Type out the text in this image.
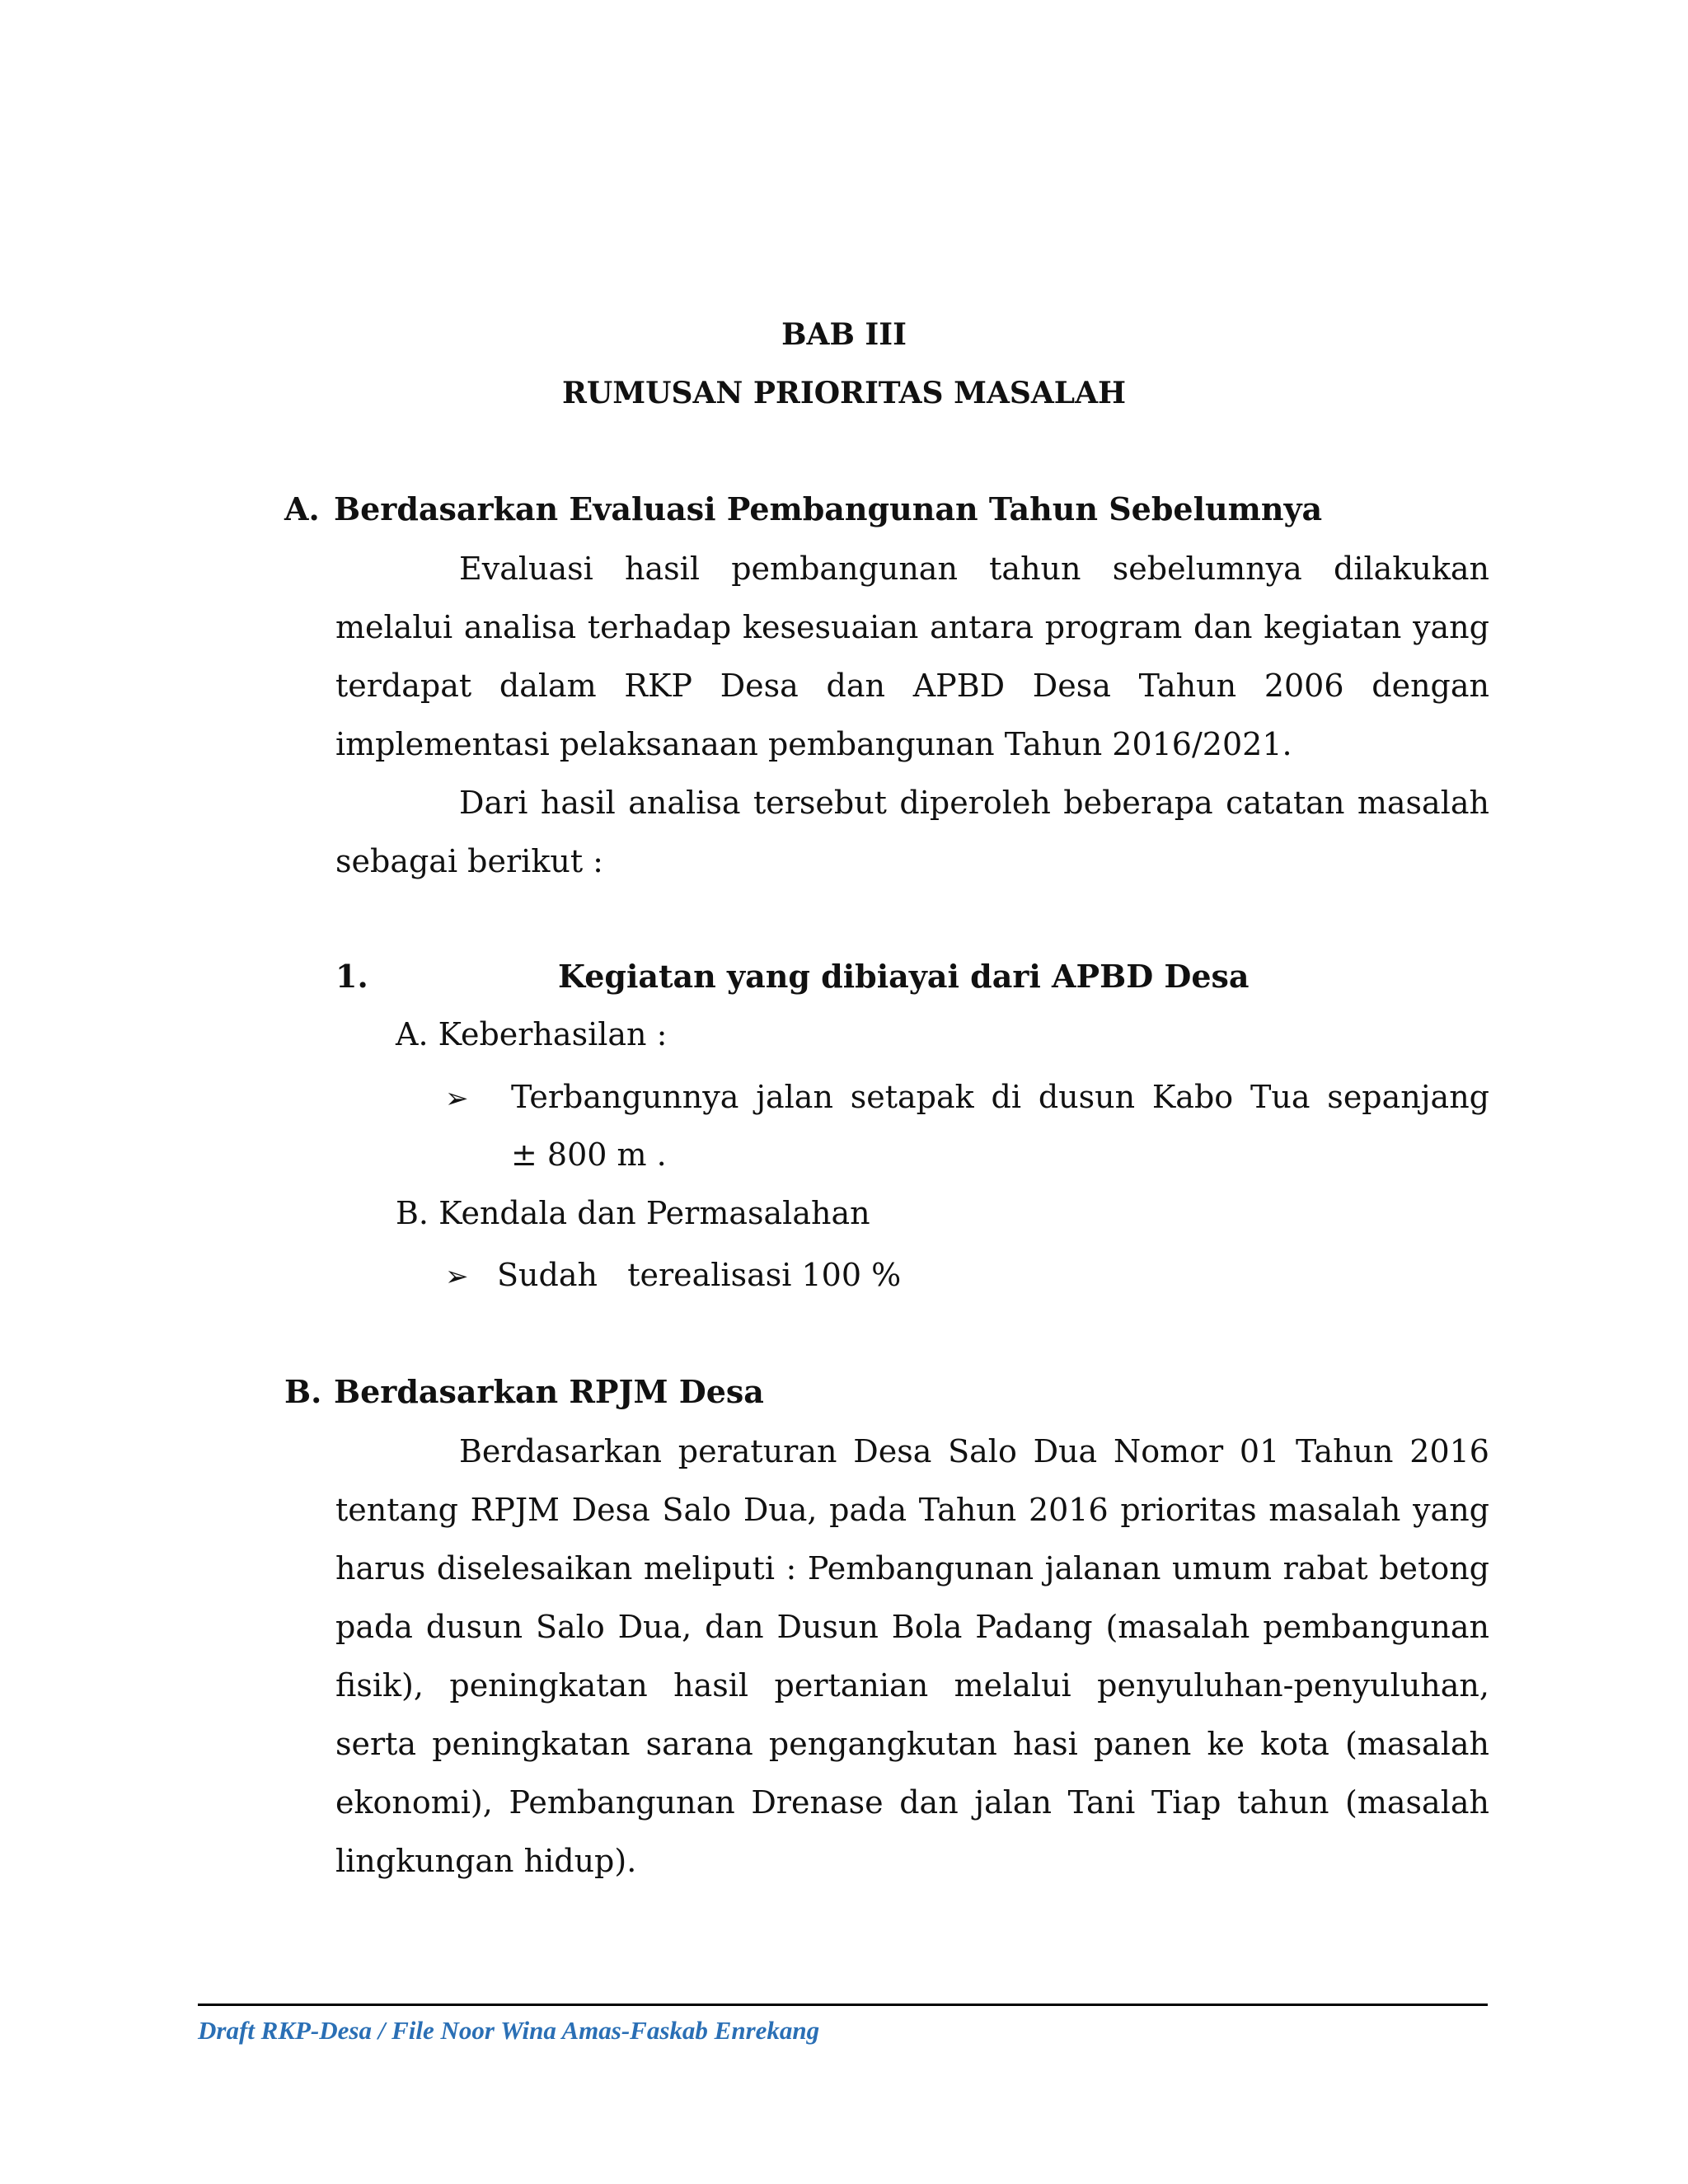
BAB III
RUMUSAN PRIORITAS MASALAH
A. Berdasarkan Evaluasi Pembangunan Tahun Sebelumnya
Evaluasi hasil pembangunan tahun sebelumnya dilakukan melalui analisa terhadap kesesuaian antara program dan kegiatan yang terdapat dalam RKP Desa dan APBD Desa Tahun 2006 dengan implementasi pelaksanaan pembangunan Tahun 2016/2021.
Dari hasil analisa tersebut diperoleh beberapa catatan masalah sebagai berikut :
1.	Kegiatan yang dibiayai dari APBD Desa
A. Keberhasilan :
➢ Terbangunnya jalan setapak di dusun Kabo Tua sepanjang
± 800 m .
B. Kendala dan Permasalahan
➢ Sudah   terealisasi 100 %
B. Berdasarkan RPJM Desa
Berdasarkan peraturan Desa Salo Dua Nomor 01 Tahun 2016 tentang RPJM Desa Salo Dua, pada Tahun 2016 prioritas masalah yang harus diselesaikan meliputi : Pembangunan jalanan umum rabat betong pada dusun Salo Dua, dan Dusun Bola Padang (masalah pembangunan fisik), peningkatan hasil pertanian melalui penyuluhan-penyuluhan, serta peningkatan sarana pengangkutan hasi panen ke kota (masalah ekonomi), Pembangunan Drenase dan jalan Tani Tiap tahun (masalah lingkungan hidup).
Draft RKP-Desa / File Noor Wina Amas-Faskab Enrekang
